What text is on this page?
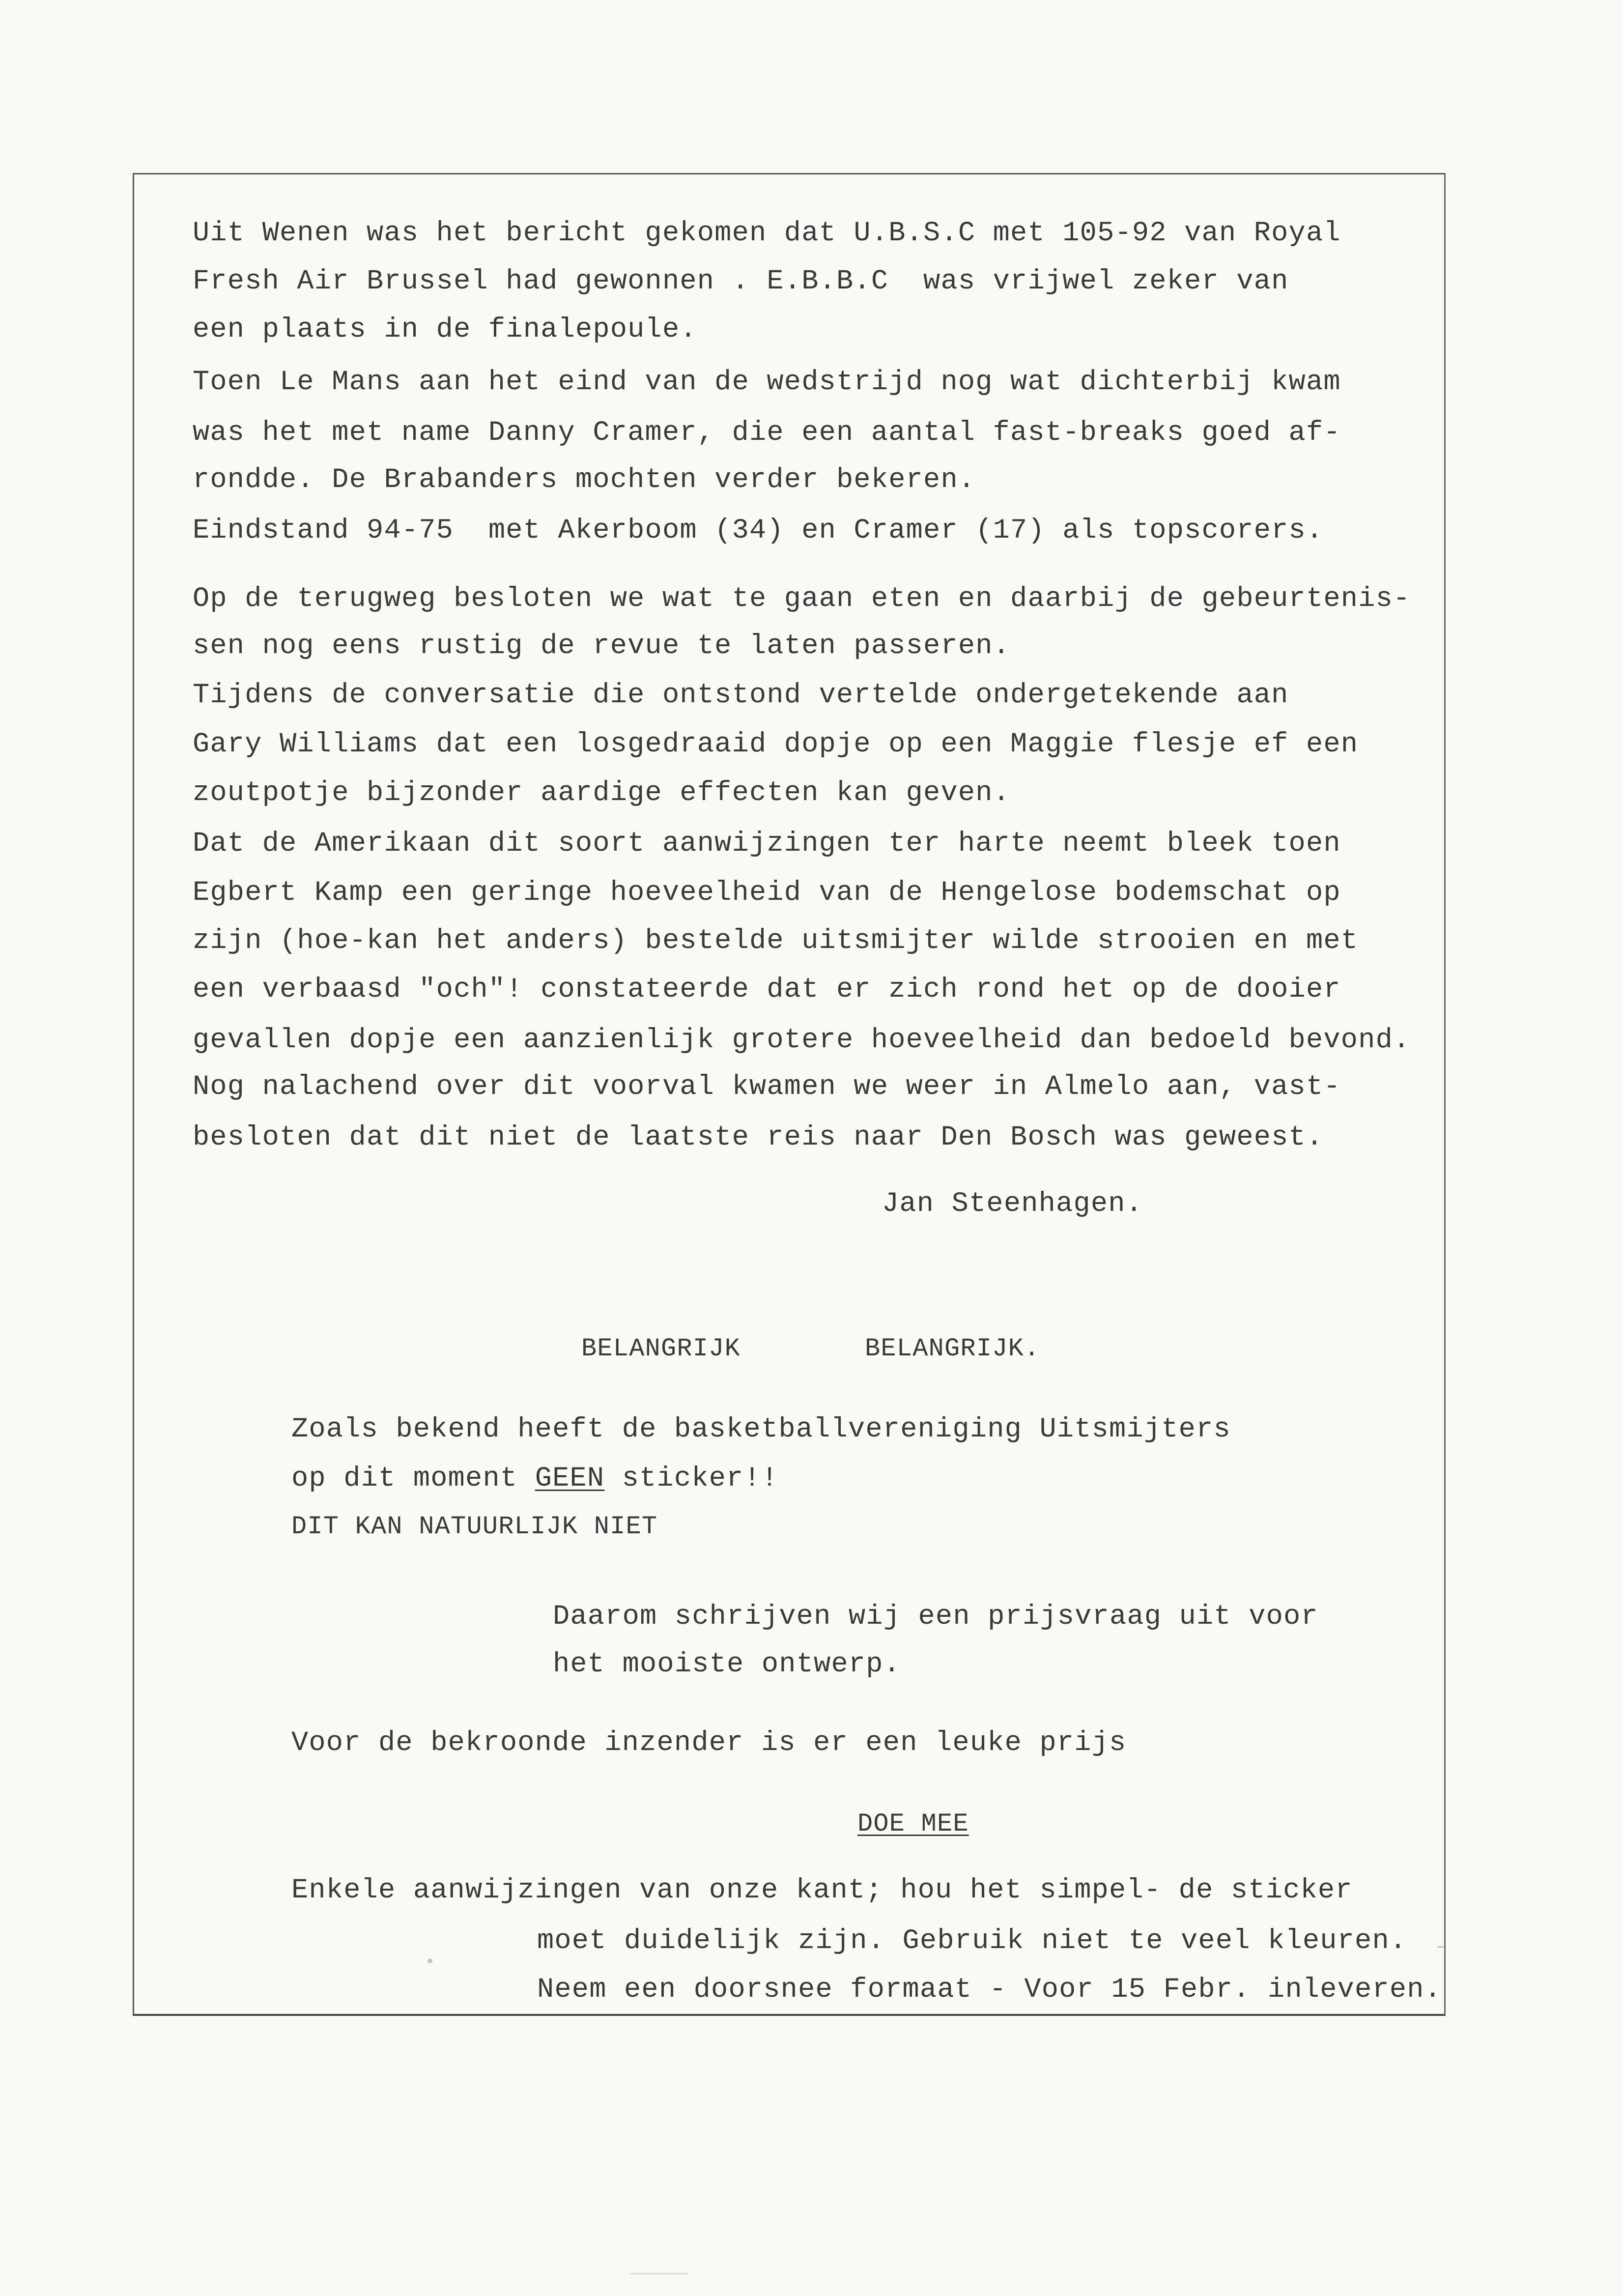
Uit Wenen was het bericht gekomen dat U.B.S.C met 105-92 van Royal
Fresh Air Brussel had gewonnen . E.B.B.C  was vrijwel zeker van
een plaats in de finalepoule.
Toen Le Mans aan het eind van de wedstrijd nog wat dichterbij kwam
was het met name Danny Cramer, die een aantal fast-breaks goed af-
rondde. De Brabanders mochten verder bekeren.
Eindstand 94-75  met Akerboom (34) en Cramer (17) als topscorers.
Op de terugweg besloten we wat te gaan eten en daarbij de gebeurtenis-
sen nog eens rustig de revue te laten passeren.
Tijdens de conversatie die ontstond vertelde ondergetekende aan
Gary Williams dat een losgedraaid dopje op een Maggie flesje ef een
zoutpotje bijzonder aardige effecten kan geven.
Dat de Amerikaan dit soort aanwijzingen ter harte neemt bleek toen
Egbert Kamp een geringe hoeveelheid van de Hengelose bodemschat op
zijn (hoe-kan het anders) bestelde uitsmijter wilde strooien en met
een verbaasd "och"! constateerde dat er zich rond het op de dooier
gevallen dopje een aanzienlijk grotere hoeveelheid dan bedoeld bevond.
Nog nalachend over dit voorval kwamen we weer in Almelo aan, vast-
besloten dat dit niet de laatste reis naar Den Bosch was geweest.
Jan Steenhagen.
BELANGRIJK	BELANGRIJK.
Zoals bekend heeft de basketballvereniging Uitsmijters
op dit moment GEEN sticker!!
DIT KAN NATUURLIJK NIET
Daarom schrijven wij een prijsvraag uit voor
het mooiste ontwerp.
Voor de bekroonde inzender is er een leuke prijs
DOE MEE
Enkele aanwijzingen van onze kant; hou het simpel- de sticker
moet duidelijk zijn. Gebruik niet te veel kleuren.
Neem een doorsnee formaat - Voor 15 Febr. inleveren.
